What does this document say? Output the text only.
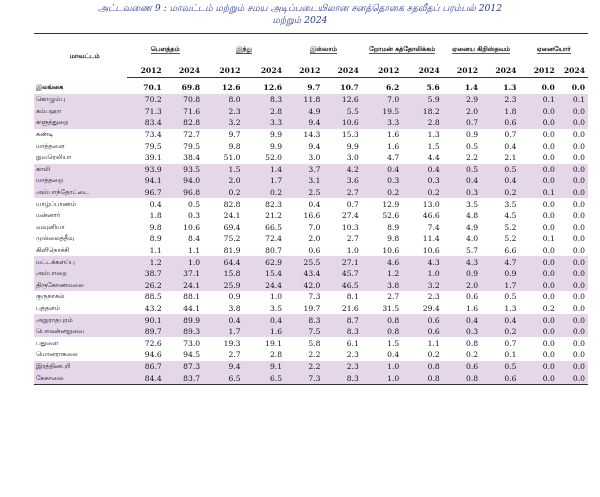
அட்டவணை 9 : மாவட்டம் மற்றும் சமய அடிப்படையிலான சனத்தொகை சதவீதப் பரம்பல் 2012
மற்றும் 2024
மாவட்டம்	பௌத்தம்		இந்து		இஸ்லாம்		றோமன் கத்தோலிக்கம்		ஏனைய கிறிஸ்தவம்		ஏனையோர்	
	2012	2024	2012	2024	2012	2024	2012	2024	2012	2024	2012	2024

இலங்கை	70.1	69.8	12.6	12.6	9.7	10.7	6.2	5.6	1.4	1.3	0.0	0.0
கொழும்பு	70.2	70.8	8.0	8.3	11.8	12.6	7.0	5.9	2.9	2.3	0.1	0.1
கம்பஹா	71.3	71.6	2.3	2.8	4.9	5.5	19.5	18.2	2.0	1.8	0.0	0.0
களுத்துறை	83.4	82.8	3.2	3.3	9.4	10.6	3.3	2.8	0.7	0.6	0.0	0.0
கண்டி	73.4	72.7	9.7	9.9	14.3	15.3	1.6	1.3	0.9	0.7	0.0	0.0
மாத்தளை	79.5	79.5	9.8	9.9	9.4	9.9	1.6	1.5	0.5	0.4	0.0	0.0
நுவரெலியா	39.1	38.4	51.0	52.0	3.0	3.0	4.7	4.4	2.2	2.1	0.0	0.0
காலி	93.9	93.5	1.5	1.4	3.7	4.2	0.4	0.4	0.5	0.5	0.0	0.0
மாத்தறை	94.1	94.0	2.0	1.7	3.1	3.6	0.3	0.3	0.4	0.4	0.0	0.0
அம்பாந்தோட்டை	96.7	96.8	0.2	0.2	2.5	2.7	0.2	0.2	0.3	0.2	0.1	0.0
யாழ்ப்பாணம்	0.4	0.5	82.8	82.3	0.4	0.7	12.9	13.0	3.5	3.5	0.0	0.0
மன்னார்	1.8	0.3	24.1	21.2	16.6	27.4	52.6	46.6	4.8	4.5	0.0	0.0
வவுனியா	9.8	10.6	69.4	66.5	7.0	10.3	8.9	7.4	4.9	5.2	0.0	0.0
முல்லைத்தீவு	8.9	8.4	75.2	72.4	2.0	2.7	9.8	11.4	4.0	5.2	0.1	0.0
கிளிநொச்சி	1.1	1.1	81.9	80.7	0.6	1.0	10.6	10.6	5.7	6.6	0.0	0.0
மட்டக்களப்பு	1.2	1.0	64.4	62.9	25.5	27.1	4.6	4.3	4.3	4.7	0.0	0.0
அம்பாறை	38.7	37.1	15.8	15.4	43.4	45.7	1.2	1.0	0.9	0.9	0.0	0.0
திருகோணமலை	26.2	24.1	25.9	24.4	42.0	46.5	3.8	3.2	2.0	1.7	0.0	0.0
குருநாகல்	88.5	88.1	0.9	1.0	7.3	8.1	2.7	2.3	0.6	0.5	0.0	0.0
புத்தளம்	43.2	44.1	3.8	3.5	19.7	21.6	31.5	29.4	1.6	1.3	0.2	0.0
அநுராதபுரம்	90.1	89.9	0.4	0.4	8.3	8.7	0.8	0.6	0.4	0.4	0.0	0.0
பொலன்னறுவை	89.7	89.3	1.7	1.6	7.5	8.3	0.8	0.6	0.3	0.2	0.0	0.0
பதுளை	72.6	73.0	19.3	19.1	5.8	6.1	1.5	1.1	0.8	0.7	0.0	0.0
மொனராகலை	94.6	94.5	2.7	2.8	2.2	2.3	0.4	0.2	0.2	0.1	0.0	0.0
இரத்தினபுரி	86.7	87.3	9.4	9.1	2.2	2.3	1.0	0.8	0.6	0.5	0.0	0.0
கேகாலை	84.4	83.7	6.5	6.5	7.3	8.3	1.0	0.8	0.8	0.6	0.0	0.0
